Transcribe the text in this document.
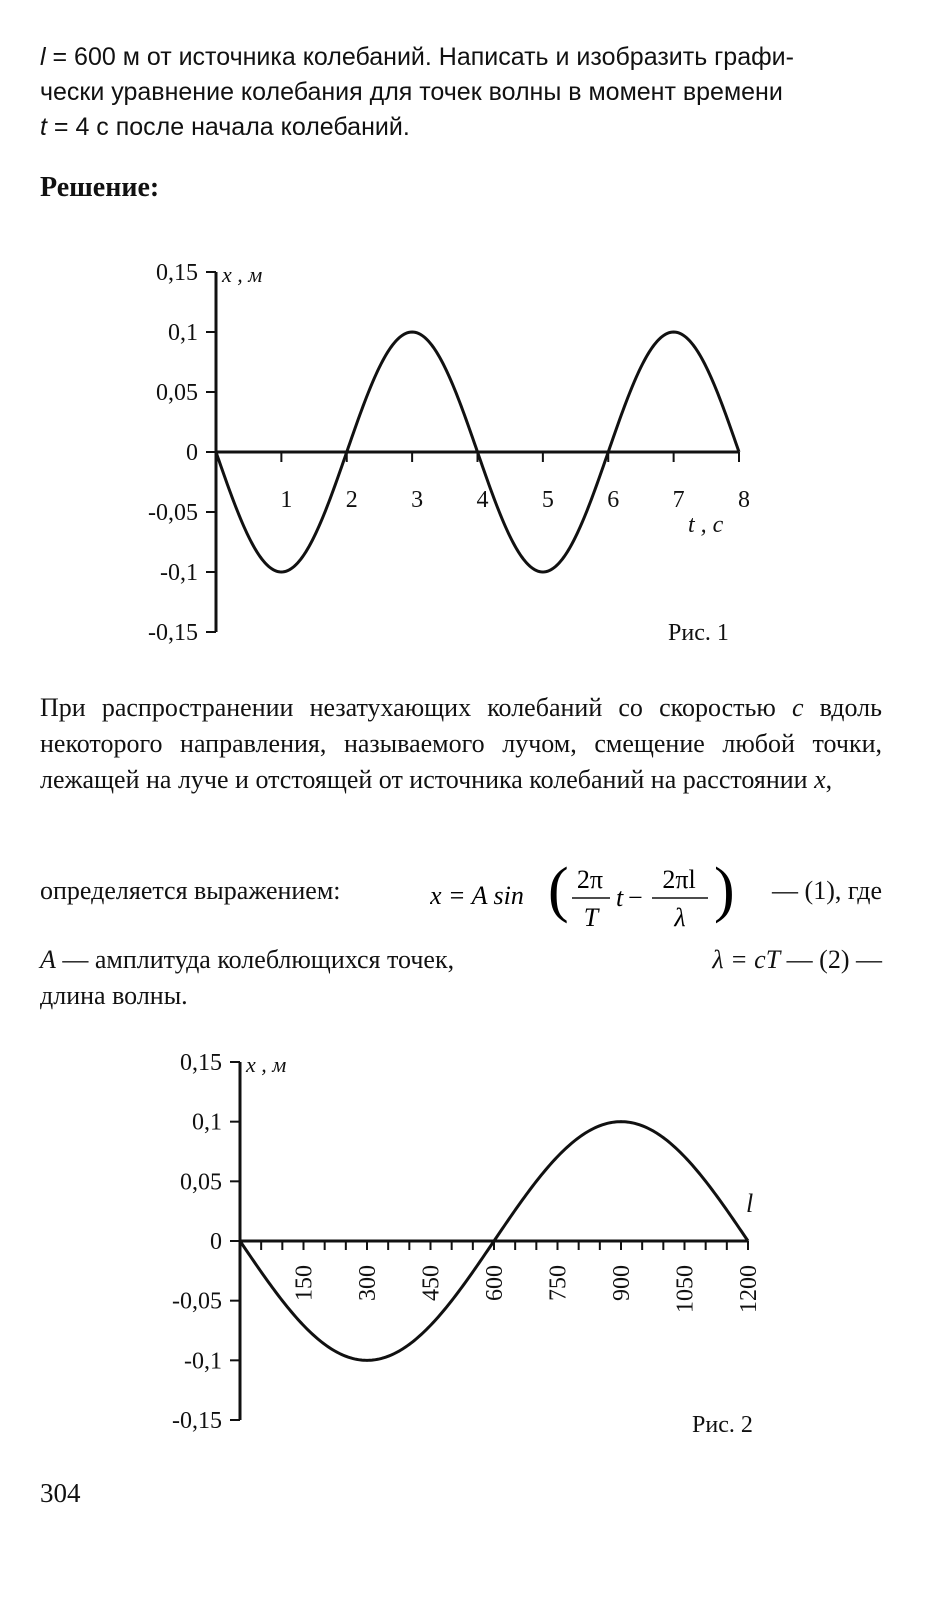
l = 600 м от источника колебаний. Написать и изобразить графи-
чески уравнение колебания для точек волны в момент времени
t = 4 с после начала колебаний.
Решение:
0,15
0,1
0,05
0
-0,05
-0,1
-0,15
1 2 3 4 5 6 7 8
x , м
t , с
Рис. 1
При распространении незатухающих колебаний со скоростью c вдоль некоторого направления, называемого лучом, смещение любой точки, лежащей на луче и отстоящей от источника колебаний на расстоянии x,
определяется выражением:	x = A sin ( 2π
T
t −
2πl
λ ) — (1), где
A — амплитуда колеблющихся точек,	λ = cT — (2) —
длина волны.
0,15
0,1
0,05
0
-0,05
-0,1
-0,15
150 300 450 600 750 900 1050 1200
x , м
l
Рис. 2
304
